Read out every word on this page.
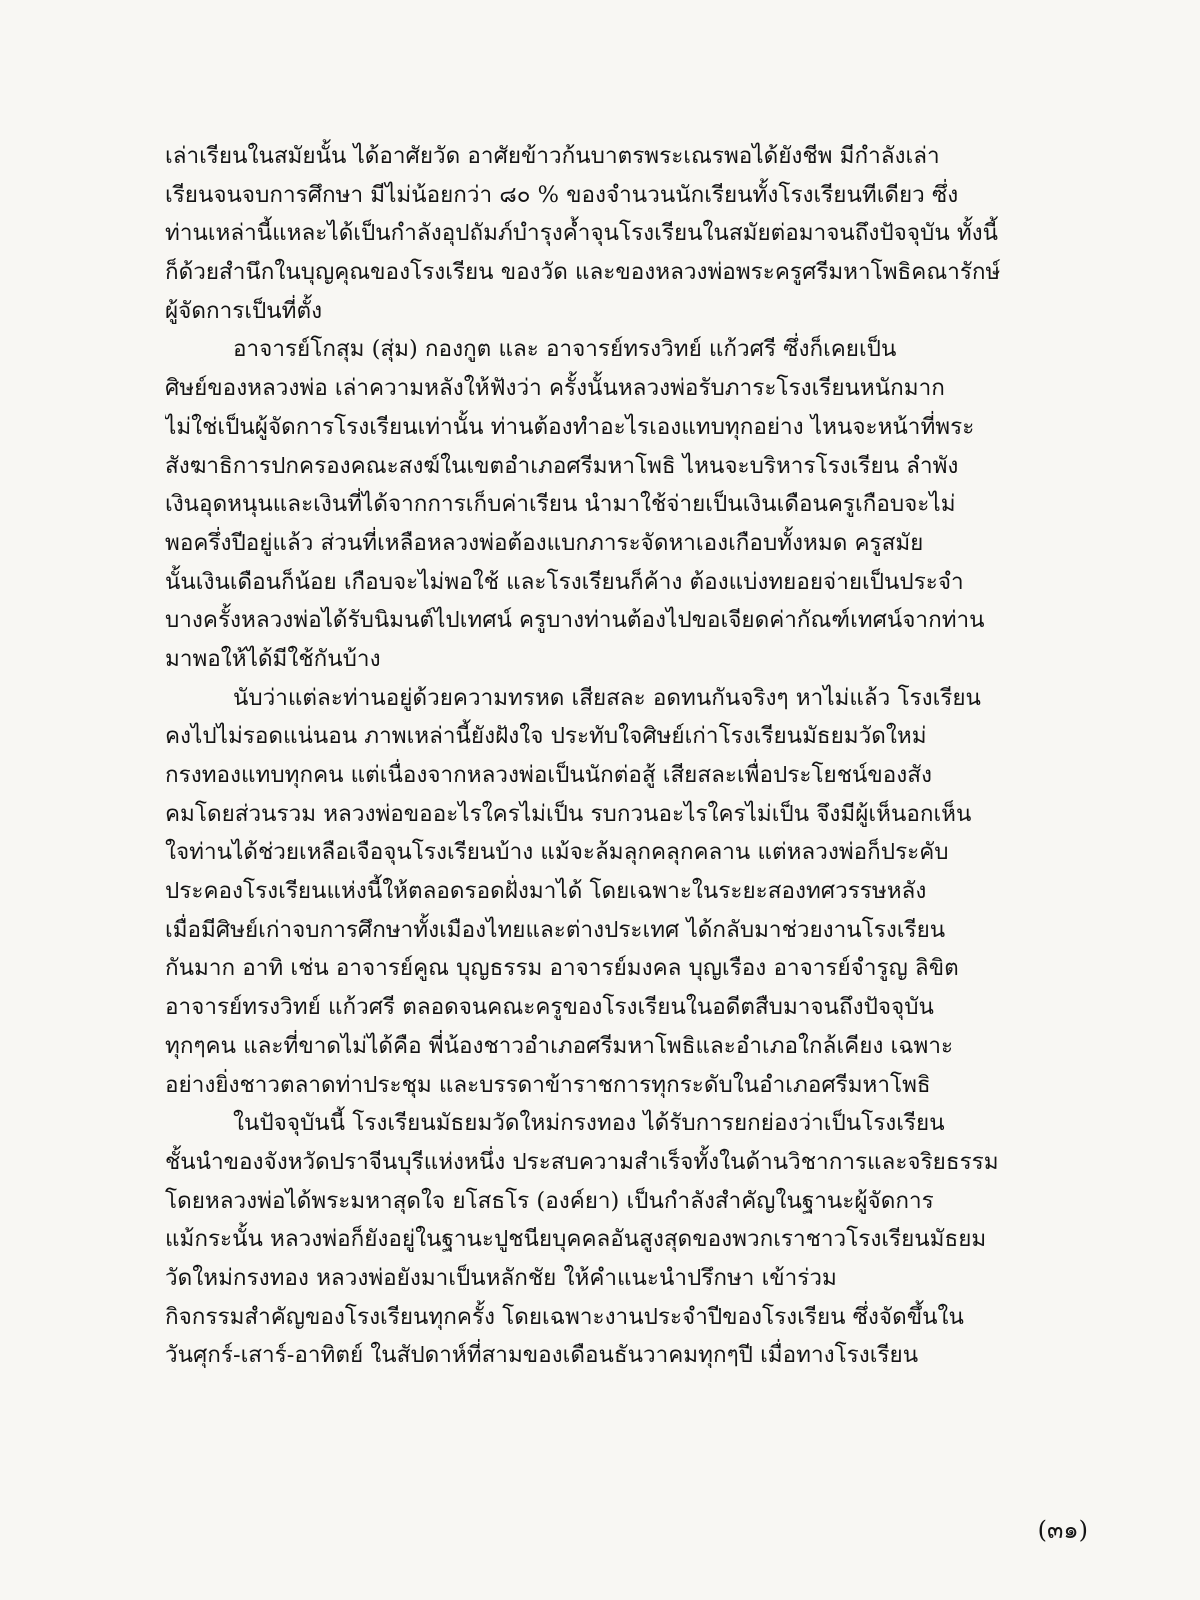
เล่าเรียนในสมัยนั้น ได้อาศัยวัด อาศัยข้าวก้นบาตรพระเณรพอได้ยังชีพ มีกำลังเล่า
เรียนจนจบการศึกษา มีไม่น้อยกว่า ๘๐ % ของจำนวนนักเรียนทั้งโรงเรียนทีเดียว ซึ่ง
ท่านเหล่านี้แหละได้เป็นกำลังอุปถัมภ์บำรุงค้ำจุนโรงเรียนในสมัยต่อมาจนถึงปัจจุบัน ทั้งนี้
ก็ด้วยสำนึกในบุญคุณของโรงเรียน ของวัด และของหลวงพ่อพระครูศรีมหาโพธิคณารักษ์
ผู้จัดการเป็นที่ตั้ง
อาจารย์โกสุม (สุ่ม) กองกูต และ อาจารย์ทรงวิทย์ แก้วศรี ซึ่งก็เคยเป็น
ศิษย์ของหลวงพ่อ เล่าความหลังให้ฟังว่า ครั้งนั้นหลวงพ่อรับภาระโรงเรียนหนักมาก
ไม่ใช่เป็นผู้จัดการโรงเรียนเท่านั้น ท่านต้องทำอะไรเองแทบทุกอย่าง ไหนจะหน้าที่พระ
สังฆาธิการปกครองคณะสงฆ์ในเขตอำเภอศรีมหาโพธิ ไหนจะบริหารโรงเรียน ลำพัง
เงินอุดหนุนและเงินที่ได้จากการเก็บค่าเรียน นำมาใช้จ่ายเป็นเงินเดือนครูเกือบจะไม่
พอครึ่งปีอยู่แล้ว ส่วนที่เหลือหลวงพ่อต้องแบกภาระจัดหาเองเกือบทั้งหมด ครูสมัย
นั้นเงินเดือนก็น้อย เกือบจะไม่พอใช้ และโรงเรียนก็ค้าง ต้องแบ่งทยอยจ่ายเป็นประจำ
บางครั้งหลวงพ่อได้รับนิมนต์ไปเทศน์ ครูบางท่านต้องไปขอเจียดค่ากัณฑ์เทศน์จากท่าน
มาพอให้ได้มีใช้กันบ้าง
นับว่าแต่ละท่านอยู่ด้วยความทรหด เสียสละ อดทนกันจริงๆ หาไม่แล้ว โรงเรียน
คงไปไม่รอดแน่นอน ภาพเหล่านี้ยังฝังใจ ประทับใจศิษย์เก่าโรงเรียนมัธยมวัดใหม่
กรงทองแทบทุกคน แต่เนื่องจากหลวงพ่อเป็นนักต่อสู้ เสียสละเพื่อประโยชน์ของสัง
คมโดยส่วนรวม หลวงพ่อขออะไรใครไม่เป็น รบกวนอะไรใครไม่เป็น จึงมีผู้เห็นอกเห็น
ใจท่านได้ช่วยเหลือเจือจุนโรงเรียนบ้าง แม้จะล้มลุกคลุกคลาน แต่หลวงพ่อก็ประคับ
ประคองโรงเรียนแห่งนี้ให้ตลอดรอดฝั่งมาได้ โดยเฉพาะในระยะสองทศวรรษหลัง
เมื่อมีศิษย์เก่าจบการศึกษาทั้งเมืองไทยและต่างประเทศ ได้กลับมาช่วยงานโรงเรียน
กันมาก อาทิ เช่น อาจารย์คูณ บุญธรรม อาจารย์มงคล บุญเรือง อาจารย์จำรูญ ลิขิต
อาจารย์ทรงวิทย์ แก้วศรี ตลอดจนคณะครูของโรงเรียนในอดีตสืบมาจนถึงปัจจุบัน
ทุกๆคน และที่ขาดไม่ได้คือ พี่น้องชาวอำเภอศรีมหาโพธิและอำเภอใกล้เคียง เฉพาะ
อย่างยิ่งชาวตลาดท่าประชุม และบรรดาข้าราชการทุกระดับในอำเภอศรีมหาโพธิ
ในปัจจุบันนี้ โรงเรียนมัธยมวัดใหม่กรงทอง ได้รับการยกย่องว่าเป็นโรงเรียน
ชั้นนำของจังหวัดปราจีนบุรีแห่งหนึ่ง ประสบความสำเร็จทั้งในด้านวิชาการและจริยธรรม
โดยหลวงพ่อได้พระมหาสุดใจ ยโสธโร (องค์ยา) เป็นกำลังสำคัญในฐานะผู้จัดการ
แม้กระนั้น หลวงพ่อก็ยังอยู่ในฐานะปูชนียบุคคลอันสูงสุดของพวกเราชาวโรงเรียนมัธยม
วัดใหม่กรงทอง หลวงพ่อยังมาเป็นหลักชัย ให้คำแนะนำปรึกษา เข้าร่วม
กิจกรรมสำคัญของโรงเรียนทุกครั้ง โดยเฉพาะงานประจำปีของโรงเรียน ซึ่งจัดขึ้นใน
วันศุกร์-เสาร์-อาทิตย์ ในสัปดาห์ที่สามของเดือนธันวาคมทุกๆปี เมื่อทางโรงเรียน
(๓๑)
